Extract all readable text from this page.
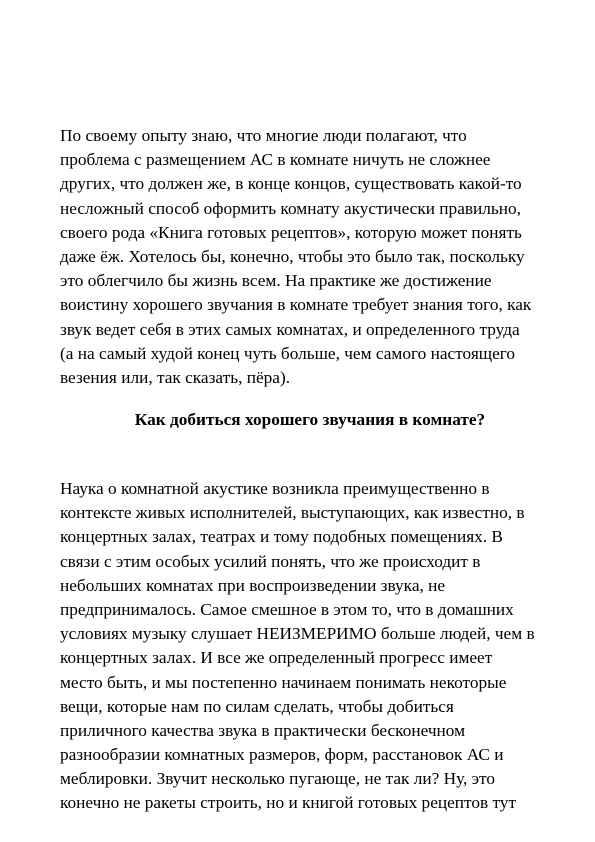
По своему опыту знаю, что многие люди полагают, что
проблема с размещением АС в комнате ничуть не сложнее
других, что должен же, в конце концов, существовать какой-то
несложный способ оформить комнату акустически правильно,
своего рода «Книга готовых рецептов», которую может понять
даже ёж. Хотелось бы, конечно, чтобы это было так, поскольку
это облегчило бы жизнь всем. На практике же достижение
воистину хорошего звучания в комнате требует знания того, как
звук ведет себя в этих самых комнатах, и определенного труда
(а на самый худой конец чуть больше, чем самого настоящего
везения или, так сказать, пёра).
Как добиться хорошего звучания в комнате?
Наука о комнатной акустике возникла преимущественно в
контексте живых исполнителей, выступающих, как известно, в
концертных залах, театрах и тому подобных помещениях. В
связи с этим особых усилий понять, что же происходит в
небольших комнатах при воспроизведении звука, не
предпринималось. Самое смешное в этом то, что в домашних
условиях музыку слушает НЕИЗМЕРИМО больше людей, чем в
концертных залах. И все же определенный прогресс имеет
место быть, и мы постепенно начинаем понимать некоторые
вещи, которые нам по силам сделать, чтобы добиться
приличного качества звука в практически бесконечном
разнообразии комнатных размеров, форм, расстановок АС и
меблировки. Звучит несколько пугающе, не так ли? Ну, это
конечно не ракеты строить, но и книгой готовых рецептов тут
